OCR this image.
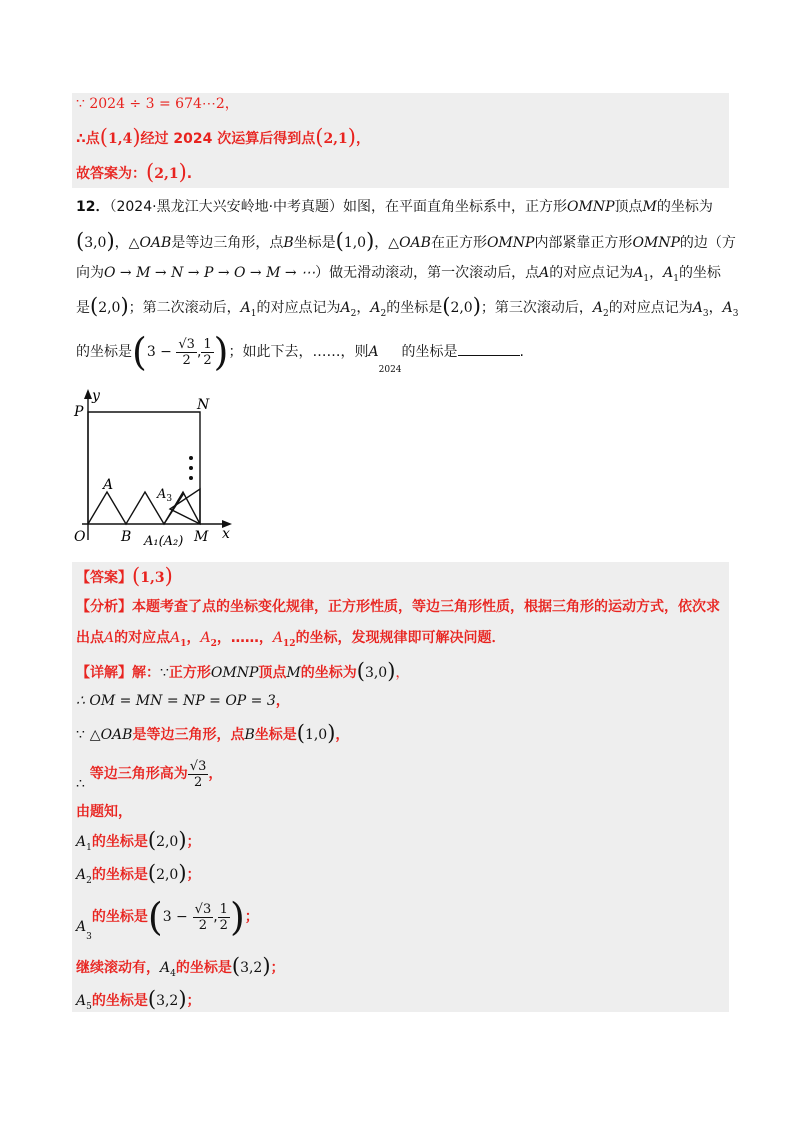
∵ 2024 ÷ 3 = 674⋯2，
∴点(1,4)经过 2024 次运算后得到点(2,1)，
故答案为：(2,1).
12．（2024·黑龙江大兴安岭地·中考真题）如图，在平面直角坐标系中，正方形OMNP顶点M的坐标为
(3,0)，△OAB是等边三角形，点B坐标是(1,0)，△OAB在正方形OMNP内部紧靠正方形OMNP的边（方
向为O → M → N → P → O → M → ⋯）做无滑动滚动，第一次滚动后，点A的对应点记为$A_1$，$A_1$的坐标
是(2,0)；第二次滚动后，$A_1$的对应点记为$A_2$，$A_2$的坐标是(2,0)；第三次滚动后，$A_2$的对应点记为$A_3$，$A_3$
的坐标是($3 - \frac{√3}{2}$ , $\frac{1}{2}$ )；如此下去，……，则$A_{2024}$的坐标是	.
y
P	N
A
$A_3$
O	B A₁(A₂) M x
【答案】(1,3)
【分析】本题考查了点的坐标变化规律，正方形性质，等边三角形性质，根据三角形的运动方式，依次求
出点A的对应点$A_1$，$A_2$，……，$A_{12}$的坐标，发现规律即可解决问题．
【详解】解：∵正方形OMNP顶点M的坐标为(3,0)，
∴ OM = MN = NP = OP = 3，
∵ △OAB是等边三角形，点B坐标是(1,0)，
∴ 等边三角形高为 $\frac{√3}{2}$ ，
由题知，
$A_1$的坐标是(2,0)；
$A_2$的坐标是(2,0)；
$A_3$的坐标是($3 - \frac{√3}{2}$ , $\frac{1}{2}$ )；
继续滚动有，$A_4$的坐标是(3,2)；
$A_5$的坐标是(3,2)；
